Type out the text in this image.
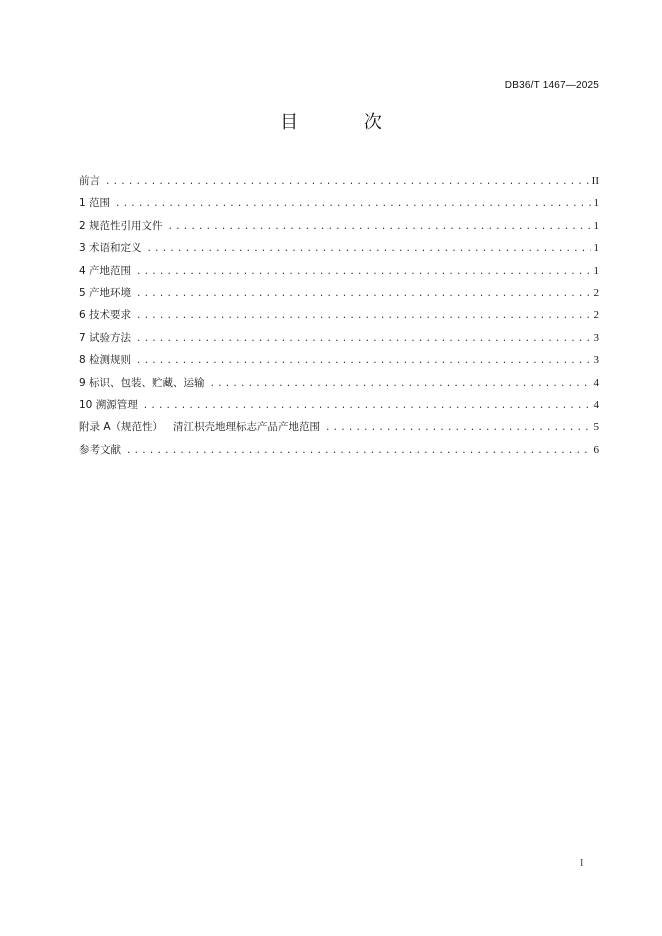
DB36/T 1467—2025
目 次
前言 .....	II
1 范围 .....	1
2 规范性引用文件 .....	1
3 术语和定义 .....	1
4 产地范围 .....	1
5 产地环境 .....	2
6 技术要求 .....	2
7 试验方法 .....	3
8 检测规则 .....	3
9 标识、包装、贮藏、运输 .....	4
10 溯源管理 .....	4
附录 A（规范性）   清江枳壳地理标志产品产地范围 .....	5
参考文献 .....	6
I
